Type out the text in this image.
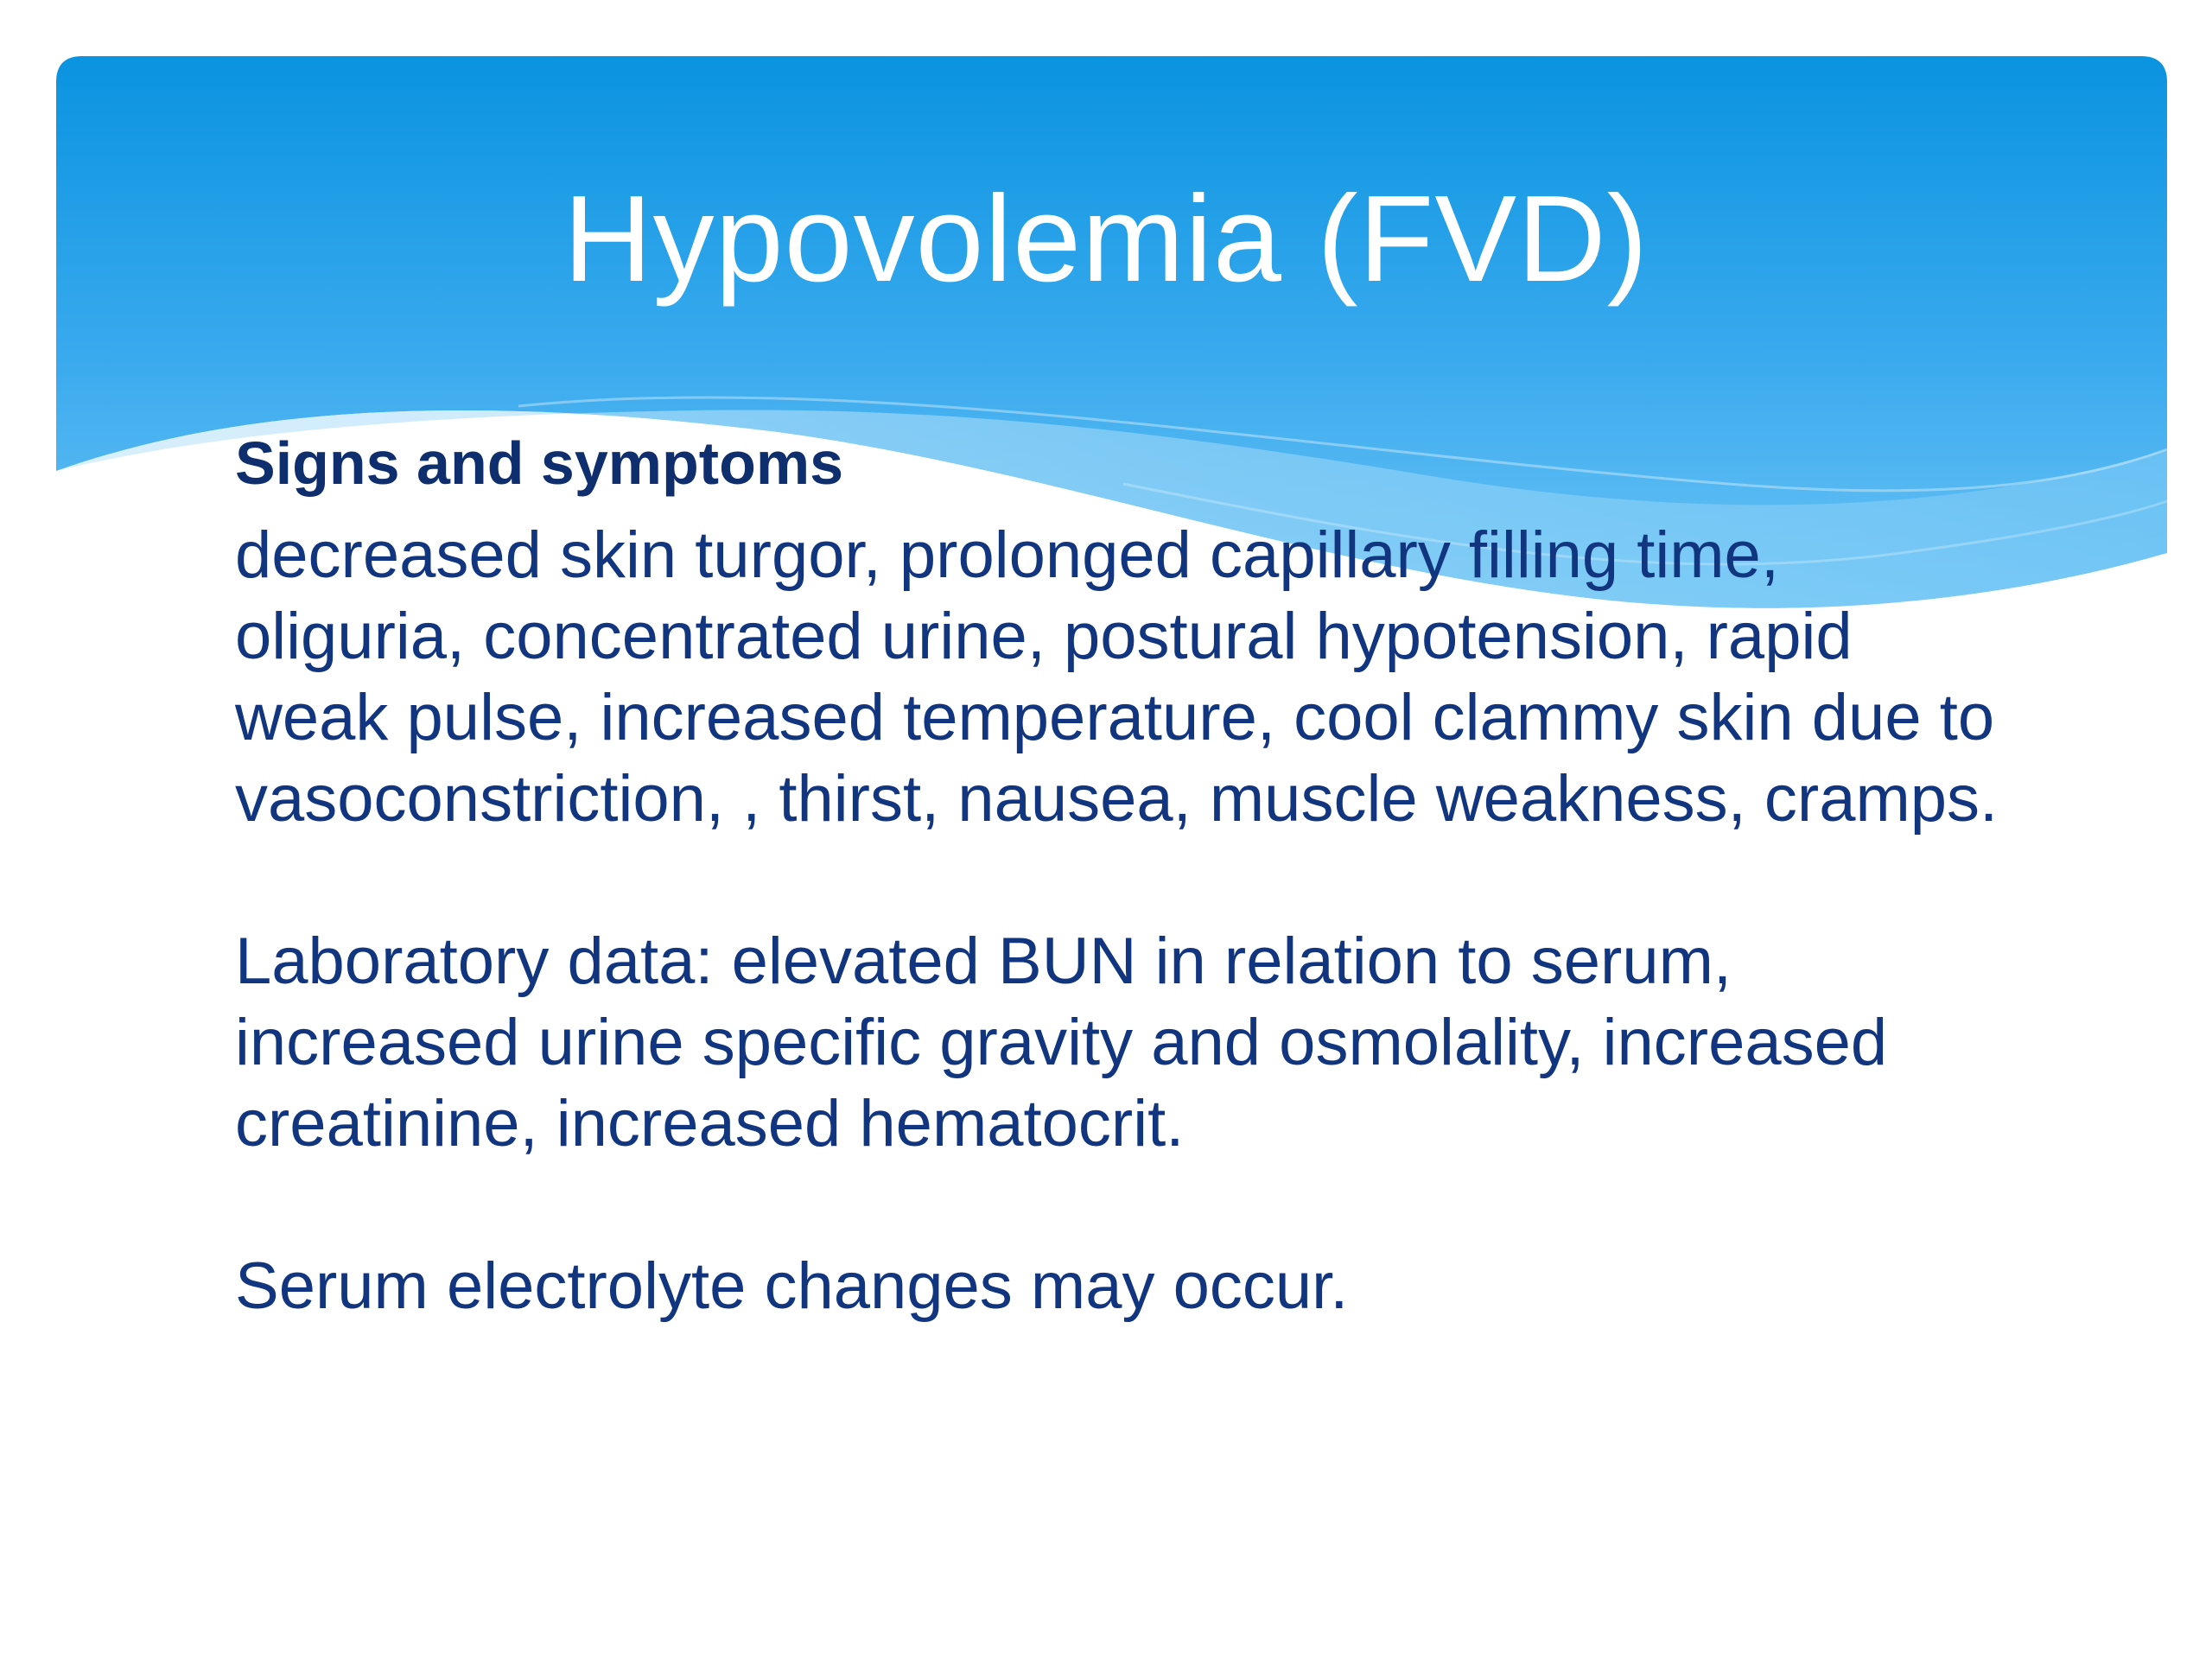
Hypovolemia (FVD)

Signs and symptoms

decreased skin turgor, prolonged capillary filling time, oliguria, concentrated urine, postural hypotension, rapid weak pulse, increased temperature, cool clammy skin due to vasoconstriction, , thirst, nausea, muscle weakness, cramps.

Laboratory data: elevated BUN in relation to serum, increased urine specific gravity and osmolality, increased creatinine, increased hematocrit.

Serum electrolyte changes may occur.
